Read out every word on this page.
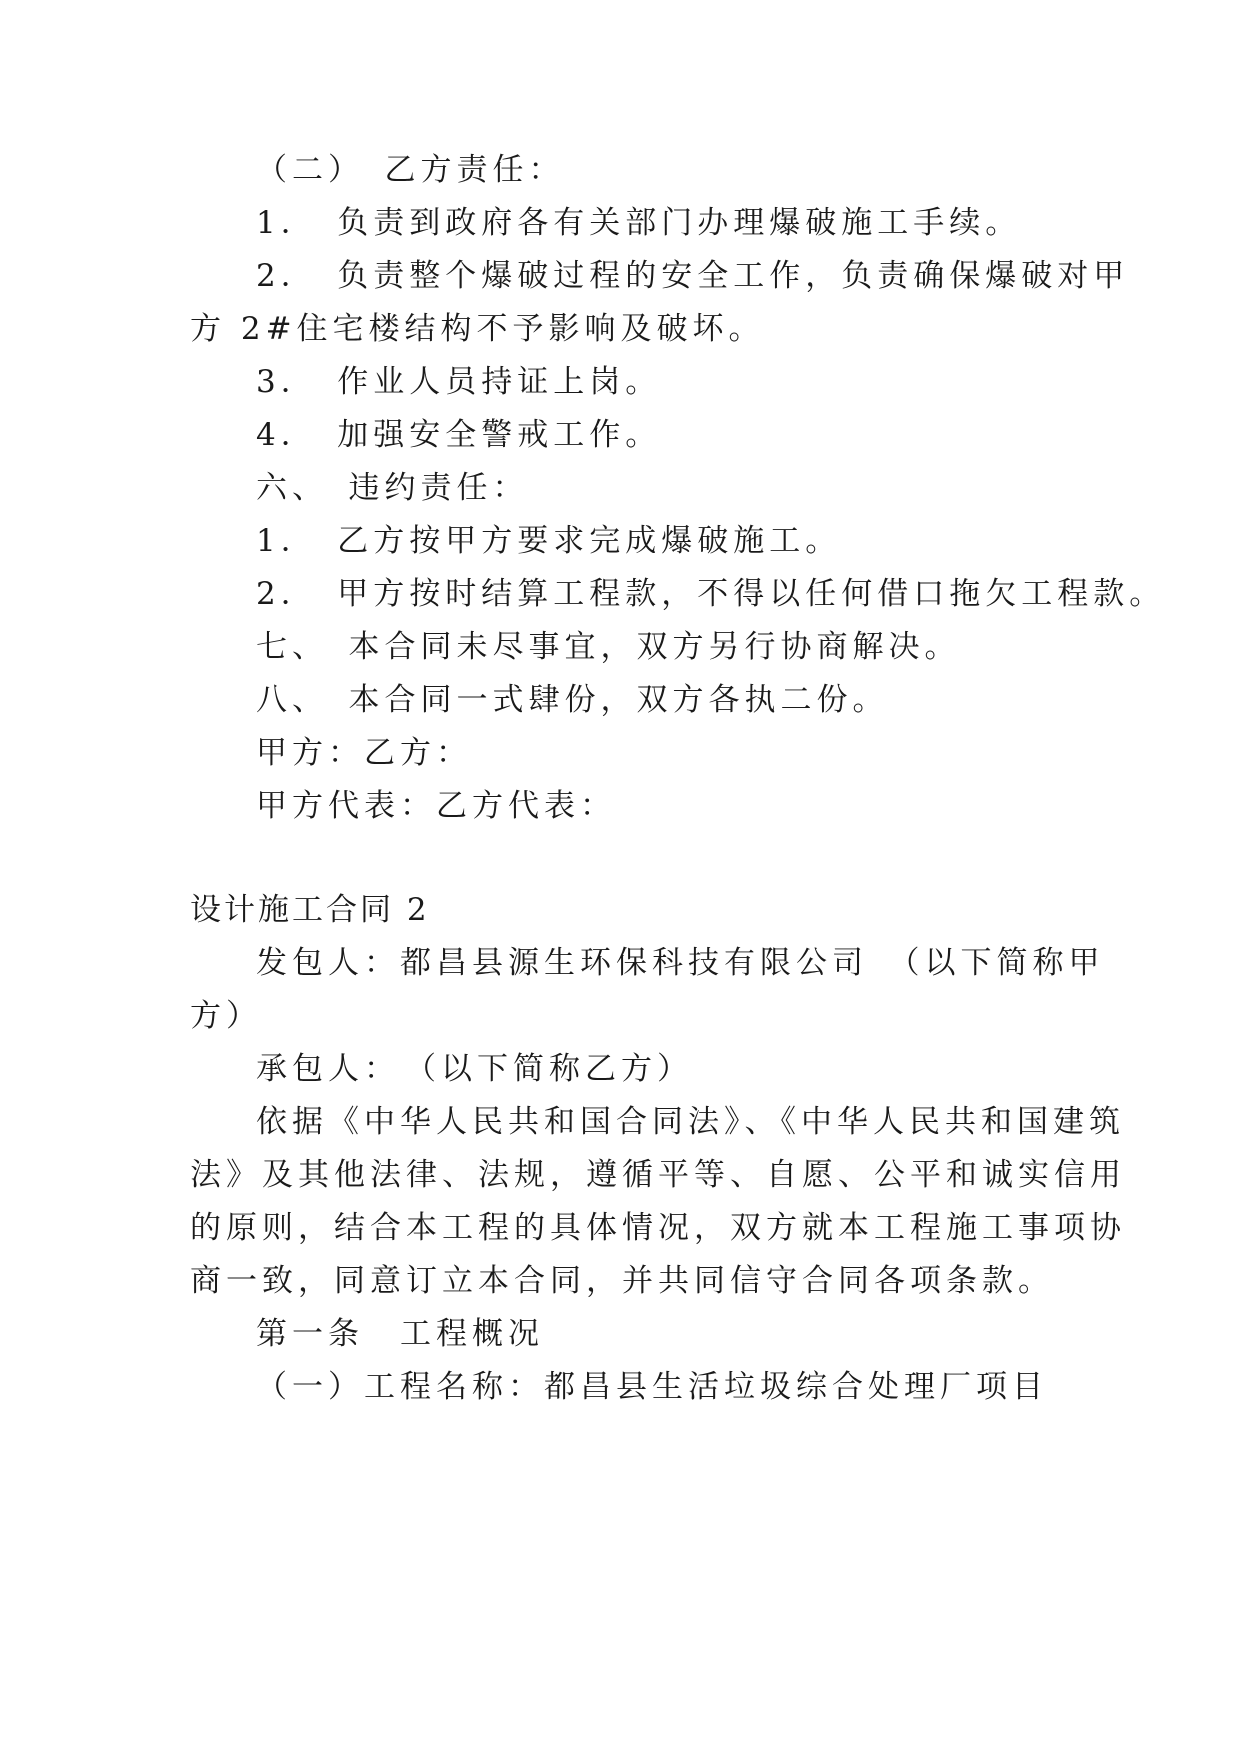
（二）　乙方责任：
1．　负责到政府各有关部门办理爆破施工手续。
2．　负责整个爆破过程的安全工作，负责确保爆破对甲
方 2#住宅楼结构不予影响及破坏。
3．　作业人员持证上岗。
4．　加强安全警戒工作。
六、　违约责任：
1．　乙方按甲方要求完成爆破施工。
2．　甲方按时结算工程款，不得以任何借口拖欠工程款。
七、　本合同未尽事宜，双方另行协商解决。
八、　本合同一式肆份，双方各执二份。
甲方：乙方：
甲方代表：乙方代表：
设计施工合同 2
发包人：都昌县源生环保科技有限公司　（以下简称甲
方）
承包人：　（以下简称乙方）
依据《中华人民共和国合同法》、《中华人民共和国建筑
法》及其他法律、法规，遵循平等、自愿、公平和诚实信用
的原则，结合本工程的具体情况，双方就本工程施工事项协
商一致，同意订立本合同，并共同信守合同各项条款。
第一条　工程概况
（一）工程名称：都昌县生活垃圾综合处理厂项目
